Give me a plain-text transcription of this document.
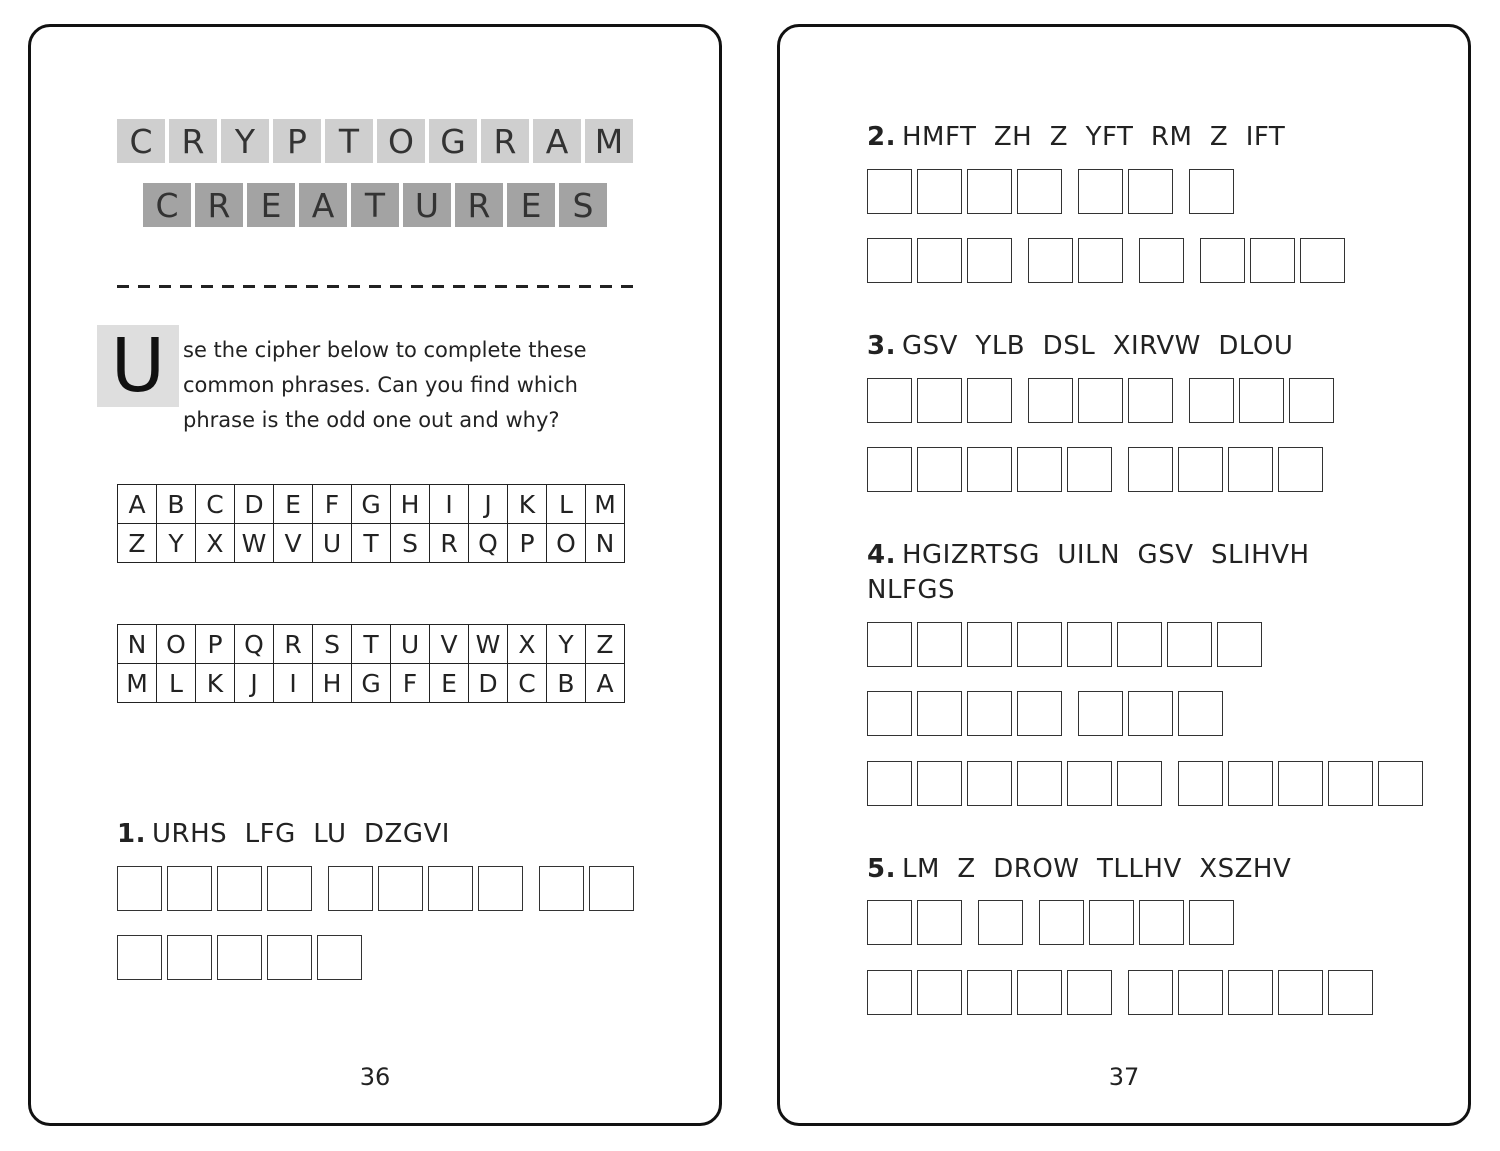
C R Y P T O G R A M
C R E A T U R E S
U se the cipher below to complete these common phrases. Can you find which phrase is the odd one out and why?
A	B	C	D	E	F	G	H	I	J	K	L	M
Z	Y	X	W	V	U	T	S	R	Q	P	O	N
N	O	P	Q	R	S	T	U	V	W	X	Y	Z
M	L	K	J	I	H	G	F	E	D	C	B	A
1. URHS  LFG  LU  DZGVI
36
2. HMFT  ZH  Z  YFT  RM  Z  IFT
3. GSV  YLB  DSL  XIRVW  DLOU
4. HGIZRTSG  UILN  GSV  SLIHVH  NLFGS
5. LM  Z  DROW  TLLHV  XSZHV
37
